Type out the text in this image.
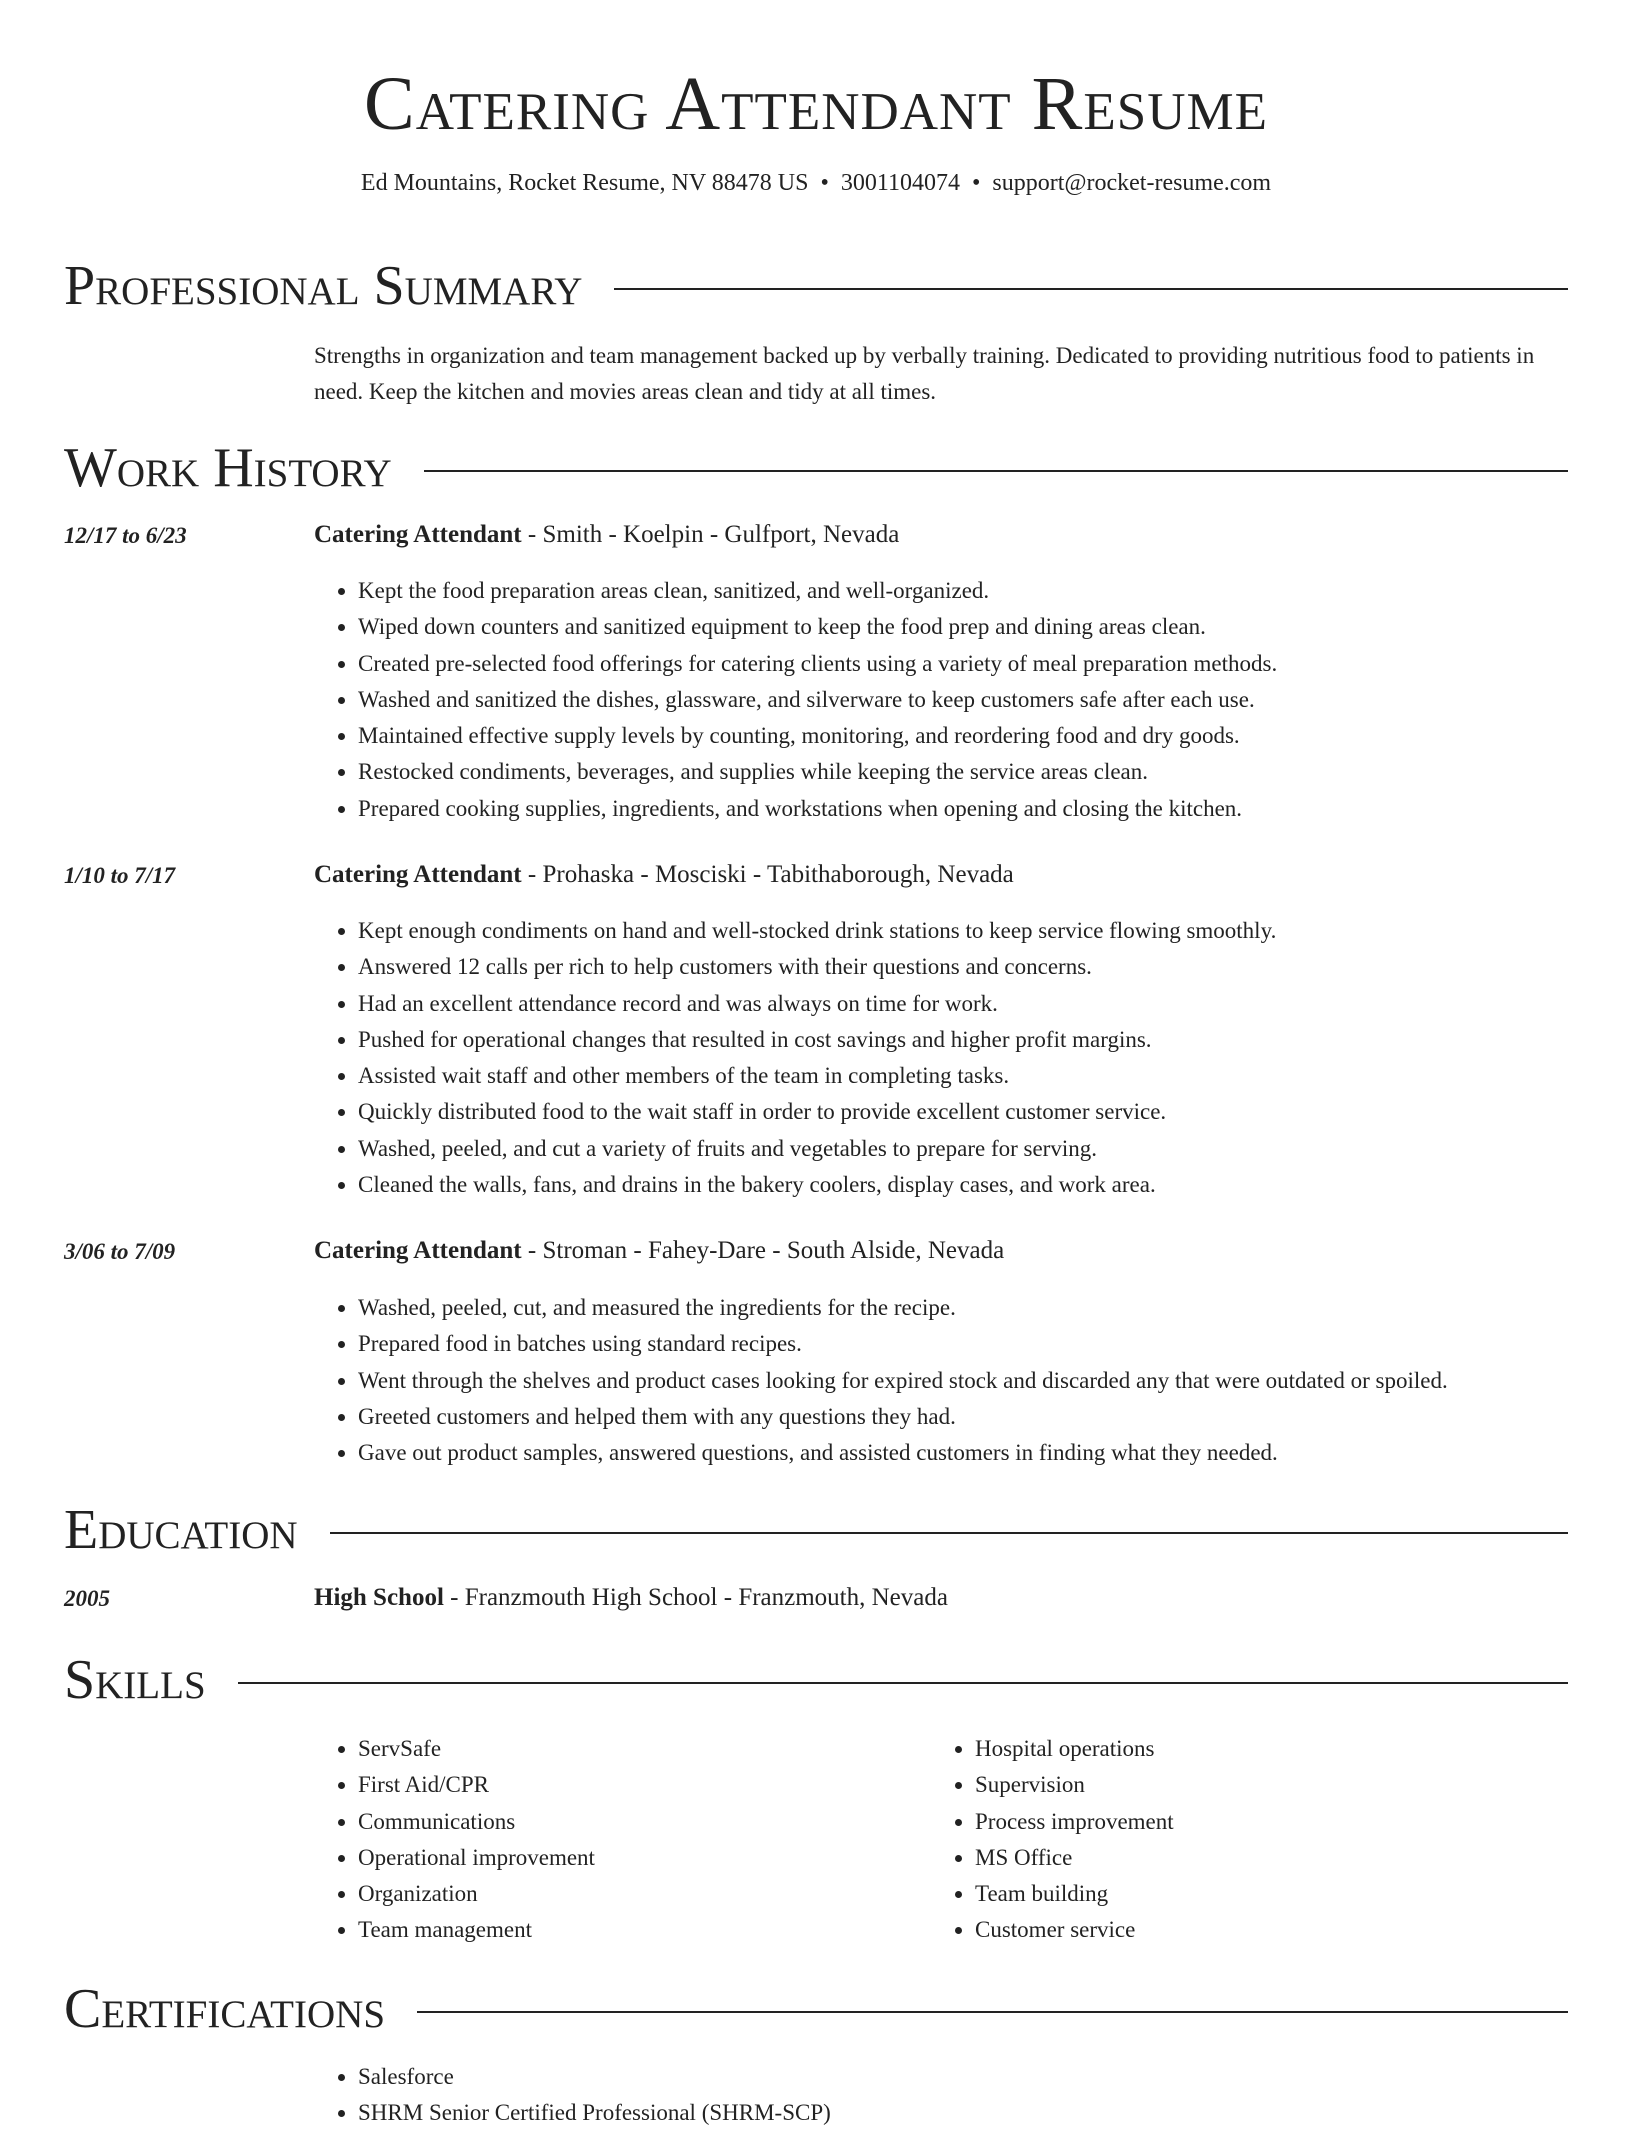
Catering Attendant Resume

Ed Mountains, Rocket Resume, NV 88478 US • 3001104074 • support@rocket-resume.com

Professional Summary

Strengths in organization and team management backed up by verbally training. Dedicated to providing nutritious food to patients in need. Keep the kitchen and movies areas clean and tidy at all times.

Work History
12/17 to 6/23	Catering Attendant - Smith - Koelpin - Gulfport, Nevada
• Kept the food preparation areas clean, sanitized, and well-organized.
• Wiped down counters and sanitized equipment to keep the food prep and dining areas clean.
• Created pre-selected food offerings for catering clients using a variety of meal preparation methods.
• Washed and sanitized the dishes, glassware, and silverware to keep customers safe after each use.
• Maintained effective supply levels by counting, monitoring, and reordering food and dry goods.
• Restocked condiments, beverages, and supplies while keeping the service areas clean.
• Prepared cooking supplies, ingredients, and workstations when opening and closing the kitchen.
1/10 to 7/17	Catering Attendant - Prohaska - Mosciski - Tabithaborough, Nevada
• Kept enough condiments on hand and well-stocked drink stations to keep service flowing smoothly.
• Answered 12 calls per rich to help customers with their questions and concerns.
• Had an excellent attendance record and was always on time for work.
• Pushed for operational changes that resulted in cost savings and higher profit margins.
• Assisted wait staff and other members of the team in completing tasks.
• Quickly distributed food to the wait staff in order to provide excellent customer service.
• Washed, peeled, and cut a variety of fruits and vegetables to prepare for serving.
• Cleaned the walls, fans, and drains in the bakery coolers, display cases, and work area.
3/06 to 7/09	Catering Attendant - Stroman - Fahey-Dare - South Alside, Nevada
• Washed, peeled, cut, and measured the ingredients for the recipe.
• Prepared food in batches using standard recipes.
• Went through the shelves and product cases looking for expired stock and discarded any that were outdated or spoiled.
• Greeted customers and helped them with any questions they had.
• Gave out product samples, answered questions, and assisted customers in finding what they needed.
Education
2005	High School - Franzmouth High School - Franzmouth, Nevada
Skills
• ServSafe
• First Aid/CPR
• Communications
• Operational improvement
• Organization
• Team management
• Hospital operations
• Supervision
• Process improvement
• MS Office
• Team building
• Customer service
Certifications
• Salesforce
• SHRM Senior Certified Professional (SHRM-SCP)
